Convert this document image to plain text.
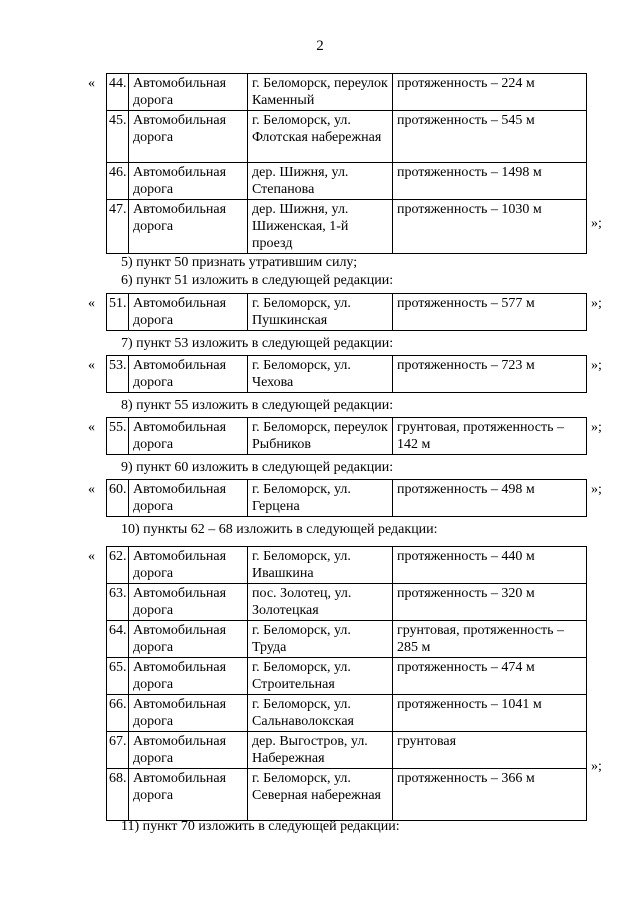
2
« 44.	Автомобильная дорога	г. Беломорск, переулок Каменный	протяженность – 224 м
45.	Автомобильная дорога	г. Беломорск, ул. Флотская набережная	протяженность – 545 м
46.	Автомобильная дорога	дер. Шижня, ул. Степанова	протяженность – 1498 м
47.	Автомобильная дорога	дер. Шижня, ул. Шиженская, 1-й проезд	протяженность – 1030 м
»;
5) пункт 50 признать утратившим силу;
6) пункт 51 изложить в следующей редакции:
« 51.	Автомобильная дорога	г. Беломорск, ул. Пушкинская	протяженность – 577 м	»;
7) пункт 53 изложить в следующей редакции:
« 53.	Автомобильная дорога	г. Беломорск, ул. Чехова	протяженность – 723 м	»;
8) пункт 55 изложить в следующей редакции:
« 55.	Автомобильная дорога	г. Беломорск, переулок Рыбников	грунтовая, протяженность – 142 м
»;
9) пункт 60 изложить в следующей редакции:
« 60.	Автомобильная дорога	г. Беломорск, ул. Герцена	протяженность – 498 м	»;
10) пункты 62 – 68 изложить в следующей редакции:
« 62.	Автомобильная дорога	г. Беломорск, ул. Ивашкина	протяженность – 440 м
63.	Автомобильная дорога	пос. Золотец, ул. Золотецкая	протяженность – 320 м
64.	Автомобильная дорога	г. Беломорск, ул. Труда	грунтовая, протяженность – 285 м
65.	Автомобильная дорога	г. Беломорск, ул. Строительная	протяженность – 474 м
66.	Автомобильная дорога	г. Беломорск, ул. Сальнаволокская	протяженность – 1041 м
67.	Автомобильная дорога	дер. Выгостров, ул. Набережная	грунтовая
68.	Автомобильная дорога	г. Беломорск, ул. Северная набережная	протяженность – 366 м
»;
11) пункт 70 изложить в следующей редакции:
